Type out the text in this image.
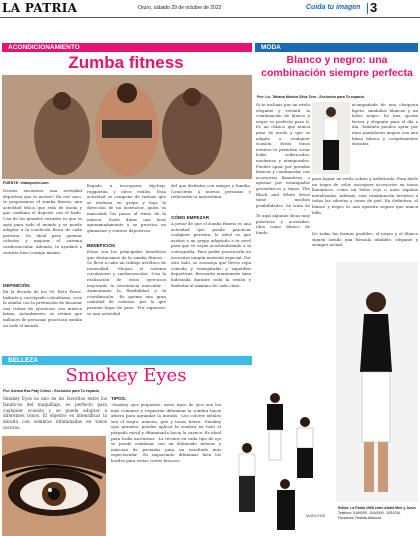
LA PATRIA	Oruro, sábado 29 de octubre de 2022	Cuida tu imagen 3
ACONDICIONAMIENTO
Zumba fitness
FUENTE: vitalsports.com
Deseas encontrar una actividad deportiva que te motive? En ese caso, te proponemos el zumba fitness, una actividad física que está de moda y que combina el deporte con el baile. Una de las grandes virtudes es que es apta para todo el mundo y se puede adaptar a la condición física de cada persona. Es ideal para quemar calorías y mejorar el sistema cardiovascular. Además, te ayudará a sentirte bien contigo misma.
DEFINICIÓN
En la década de los 90, Beto Pérez, bailarín y coreógrafo colombiano, creó la zumba con la pretensión de fusionar una rutina de ejercicios con música latina. Actualmente, se estima que millones de personas practican zumba en todo el mundo.
llegado a incorporar hip-hop, reggaetón y otros estilos. Esta actividad se compone de rutinas que se realizan en grupo y bajo la dirección de un instructor, quien va marcando los pasos al ritmo de la música. Suele durar una hora aproximadamente y se practica en gimnasios y centros deportivos.
BENEFICIOS
Estos son los principales beneficios que destacamos de la zumba fitness: -Se lleva a cabo un trabajo aeróbico de intensidad. -Mejora el sistema circulatorio y cardiovascular. -Con la realización de estos ejercicios mejorarás la resistencia muscular. -Aumentarás la flexibilidad y la coordinación. -Es quema una gran cantidad de calorías, por lo que permite bajar de peso. -Por supuesto, es una actividad
del que disfrutar con amigos y familia. Conocerás a nuevas personas y reforzarás tu autoestima.
CÓMO EMPEZAR
A pesar de que el zumba fitness es una actividad que puede practicar cualquier persona, lo ideal es que asistas a un grupo adaptado a tu nivel para que te vayas acostumbrando a la coreografía. Para poder practicarla no necesitas ningún material especial. Por otro lado, se aconseja que lleves ropa cómoda y transpirable y zapatillas deportivas. Recuerda mantenerte bien hidratada durante toda la sesión y disfrutar al máximo de cada clase.
MODA
Blanco y negro: una combinación siempre perfecta
Por: Lic. Tatiana Mónica Silva Toro - Exclusivo para Tu espacio
Si te inclinas por un estilo elegante y versátil, la combinación de blanco y negro es perfecta para ti. Es un clásico que nunca pasa de moda y que se adapta a cualquier ocasión. Estos tonos neutros te permiten crear looks sofisticados, modernos y atemporales. Puedes optar por prendas básicas y combinarlas con accesorios llamativos, o apostar por estampados geométricos y rayas. The Black and White dress tiene muchas posibilidades. Se trata de
Te aquí algunas ideas muy prácticas y acertadas. Idea como blanco de fondo.
acompañada de una chaqueta ligera, sandalias blancas y un bolso negro. Es una opción fresca y elegante para el día a día. También puedes optar por unos pantalones negros con una blusa blanca y complementos dorados.
para lograr un estilo sobrio y sofisticado. Para darle un toque de color, incorpora accesorios en tonos llamativos, como un bolso rojo o unos zapatos metalizados. Además, esta combinación favorece a todas las siluetas y tonos de piel. En definitiva, el blanco y negro es una apuesta segura que nunca falla.
De todas las formas posibles, el negro y el blanco siguen siendo una fórmula infalible, elegante y siempre actual.
BELLEZA
Smokey Eyes
Por: Atenea Eva Paty Chirez - Exclusivo para Tu espacio
Smokey Eyes es uno de los favoritos entre los fanáticos del maquillaje, es perfecto para cualquier ocasión y se puede adaptar a diferentes tonos. El objetivo es intensificar la mirada con sombras difuminadas en tonos oscuros.
TIPOS.
-Smokey ojos pequeños: estos tipos de ojos son los más comunes y requieren difuminar la sombra hacia afuera para agrandar la mirada. -Los colores ideales son el negro, marrón, gris y tonos tierra. -Smokey ojos grandes: puedes aplicar la sombra en todo el párpado móvil y difuminarla hacia la cuenca. Es ideal para looks nocturnos. -La técnica en cada tipo de ojo se puede combinar con un delineado intenso y máscara de pestañas para un resultado más espectacular. -Es importante difuminar bien los bordes para evitar cortes bruscos.
MARLENE
Editor: La Patria 1968 entre Atarfa Mier y Junín
Teléfono: 5160000 - 5160000 - 5251026
Facebook: Revista Atlanora
